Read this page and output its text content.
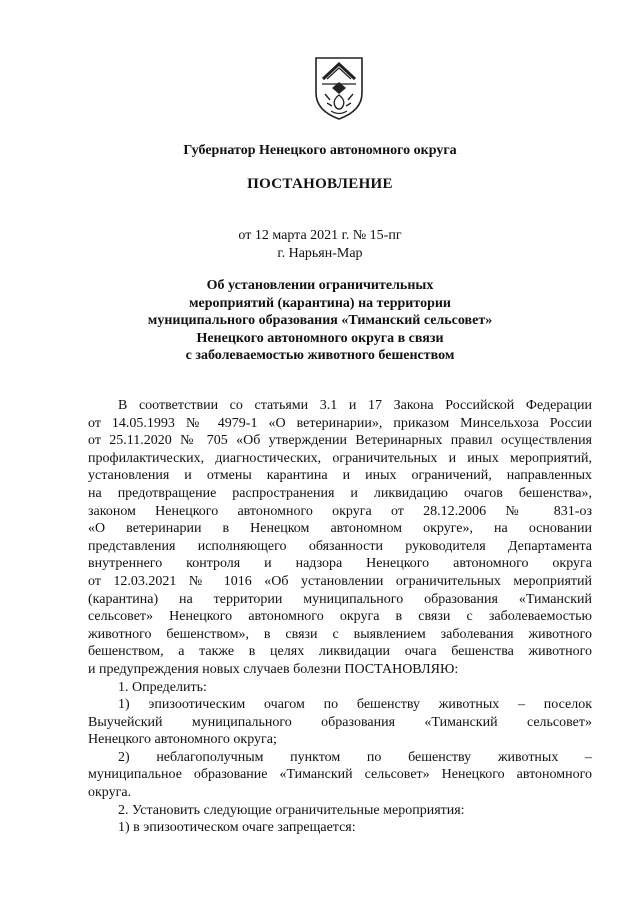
Губернатор Ненецкого автономного округа
ПОСТАНОВЛЕНИЕ
от 12 марта 2021 г. № 15-пг
г. Нарьян-Мар
Об установлении ограничительных
мероприятий (карантина) на территории
муниципального образования «Тиманский сельсовет»
Ненецкого автономного округа в связи
с заболеваемостью животного бешенством
В соответствии со статьями 3.1 и 17 Закона Российской Федерации
от 14.05.1993 № 4979-1 «О ветеринарии», приказом Минсельхоза России
от 25.11.2020 № 705 «Об утверждении Ветеринарных правил осуществления
профилактических, диагностических, ограничительных и иных мероприятий,
установления и отмены карантина и иных ограничений, направленных
на предотвращение распространения и ликвидацию очагов бешенства»,
законом Ненецкого автономного округа от 28.12.2006 № 831-оз
«О ветеринарии в Ненецком автономном округе», на основании
представления исполняющего обязанности руководителя Департамента
внутреннего контроля и надзора Ненецкого автономного округа
от 12.03.2021 № 1016 «Об установлении ограничительных мероприятий
(карантина) на территории муниципального образования «Тиманский
сельсовет» Ненецкого автономного округа в связи с заболеваемостью
животного бешенством», в связи с выявлением заболевания животного
бешенством, а также в целях ликвидации очага бешенства животного
и предупреждения новых случаев болезни ПОСТАНОВЛЯЮ:
1. Определить:
1) эпизоотическим очагом по бешенству животных – поселок
Выучейский муниципального образования «Тиманский сельсовет»
Ненецкого автономного округа;
2) неблагополучным пунктом по бешенству животных –
муниципальное образование «Тиманский сельсовет» Ненецкого автономного
округа.
2. Установить следующие ограничительные мероприятия:
1) в эпизоотическом очаге запрещается:
